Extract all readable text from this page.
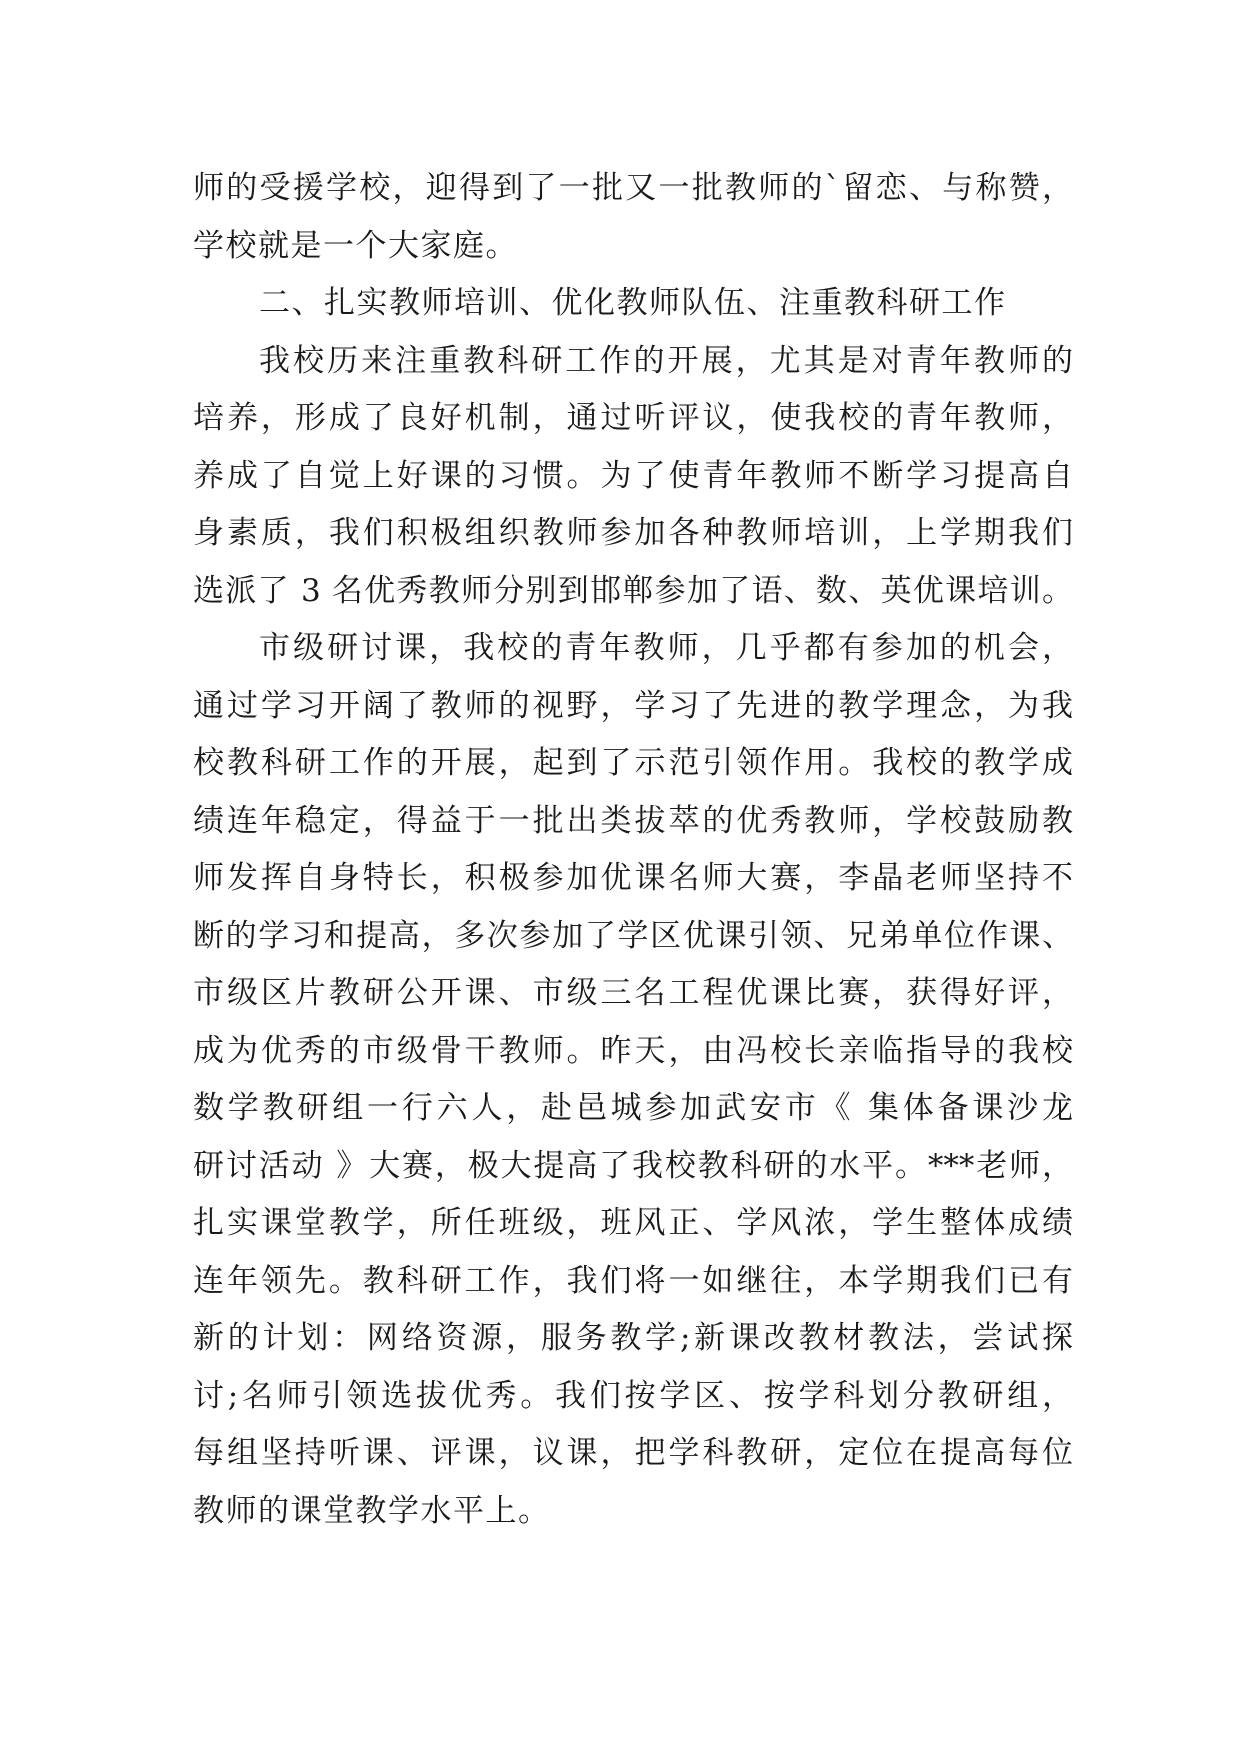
师的受援学校，迎得到了一批又一批教师的`留恋、与称赞，
学校就是一个大家庭。
二、扎实教师培训、优化教师队伍、注重教科研工作
我校历来注重教科研工作的开展，尤其是对青年教师的
培养，形成了良好机制，通过听评议，使我校的青年教师，
养成了自觉上好课的习惯。为了使青年教师不断学习提高自
身素质，我们积极组织教师参加各种教师培训，上学期我们
选派了 3 名优秀教师分别到邯郸参加了语、数、英优课培训。
市级研讨课，我校的青年教师，几乎都有参加的机会，
通过学习开阔了教师的视野，学习了先进的教学理念，为我
校教科研工作的开展，起到了示范引领作用。我校的教学成
绩连年稳定，得益于一批出类拔萃的优秀教师，学校鼓励教
师发挥自身特长，积极参加优课名师大赛，李晶老师坚持不
断的学习和提高，多次参加了学区优课引领、兄弟单位作课、
市级区片教研公开课、市级三名工程优课比赛，获得好评，
成为优秀的市级骨干教师。昨天，由冯校长亲临指导的我校
数学教研组一行六人，赴邑城参加武安市《 集体备课沙龙
研讨活动 》大赛，极大提高了我校教科研的水平。***老师，
扎实课堂教学，所任班级，班风正、学风浓，学生整体成绩
连年领先。教科研工作，我们将一如继往，本学期我们已有
新的计划：网络资源，服务教学;新课改教材教法，尝试探
讨;名师引领选拔优秀。我们按学区、按学科划分教研组，
每组坚持听课、评课，议课，把学科教研，定位在提高每位
教师的课堂教学水平上。
